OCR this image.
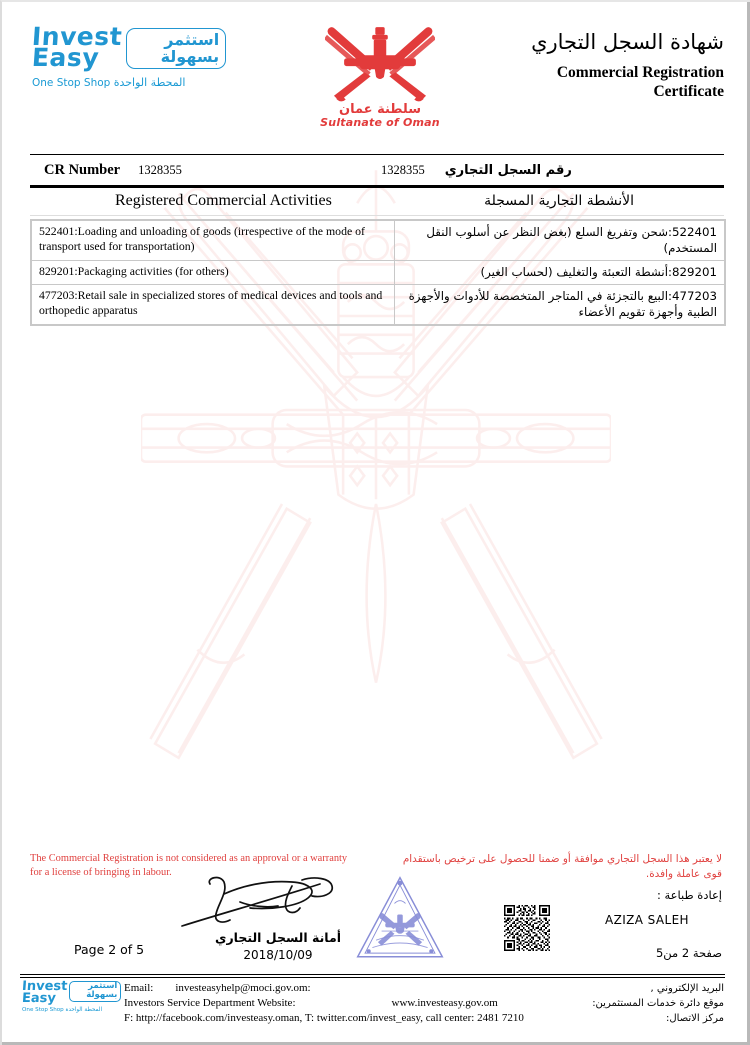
Invest
Easy
استثمر
بسهولة
One Stop Shop المحطة الواحدة
سلطنة عمان
Sultanate of Oman
شهادة السجل التجاري
Commercial Registration
Certificate
CR Number 1328355	رقم السجل التجاري
1328355
Registered Commercial Activities	الأنشطة التجارية المسجلة
522401:Loading and unloading of goods (irrespective of the mode of transport used for transportation)	522401:شحن وتفريغ السلع (بغض النظر عن أسلوب النقل المستخدم)
829201:Packaging activities (for others)	829201:أنشطة التعبئة والتغليف (لحساب الغير)
477203:Retail sale in specialized stores of medical devices and tools and orthopedic apparatus	477203:البيع بالتجزئة في المتاجر المتخصصة للأدوات والأجهزة الطبية وأجهزة تقويم الأعضاء
The Commercial Registration is not considered as an approval or a warranty for a license of bringing in labour.
لا يعتبر هذا السجل التجاري موافقة أو ضمنا للحصول على ترخيص باستقدام قوى عاملة وافدة.
أمانة السجل التجاري
2018/10/09
Page 2 of 5
إعادة طباعة :
AZIZA SALEH
صفحة 2 من5
Invest
Easy
استثمر
بسهولة
One Stop Shop المحطة الواحدة
Email: investeasyhelp@moci.gov.om:	البريد الإلكتروني ,
Investors Service Department Website:	www.investeasy.gov.om	موقع دائرة خدمات المستثمرين:
F: http://facebook.com/investeasy.oman, T: twitter.com/invest_easy, call center: 2481 7210	مركز الاتصال:
